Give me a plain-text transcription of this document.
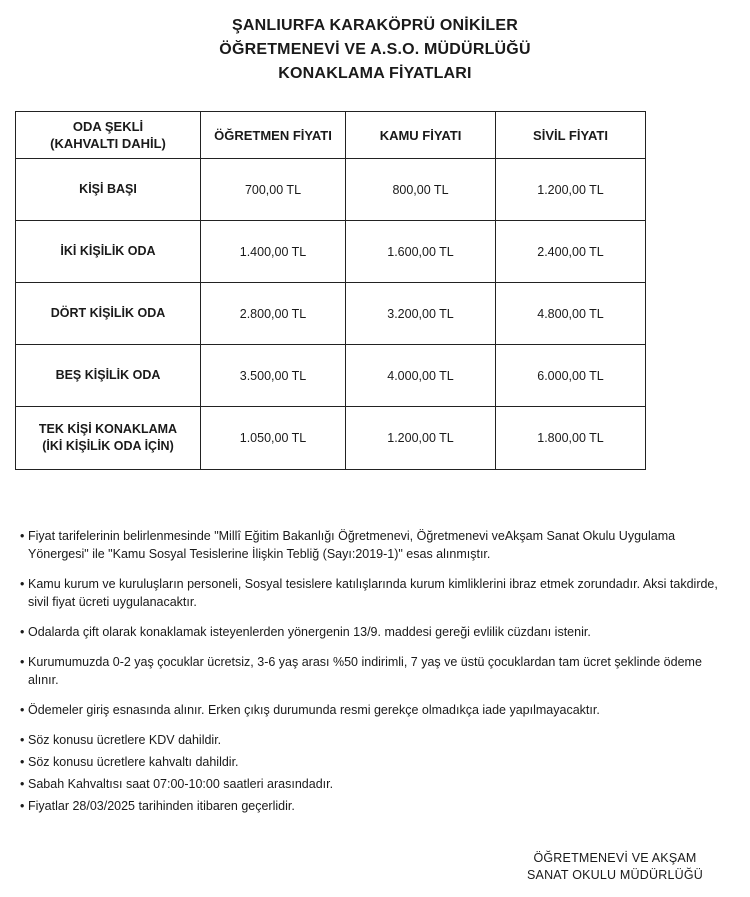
ŞANLIURFA KARAKÖPRÜ ONİKİLER
ÖĞRETMENEVİ VE A.S.O. MÜDÜRLÜĞÜ
KONAKLAMA FİYATLARI
ODA ŞEKLİ
(KAHVALTI DAHİL)	ÖĞRETMEN FİYATI	KAMU FİYATI	SİVİL FİYATI

KİŞİ BAŞI	700,00 TL	800,00 TL	1.200,00 TL

İKİ KİŞİLİK ODA	1.400,00 TL	1.600,00 TL	2.400,00 TL

DÖRT KİŞİLİK ODA	2.800,00 TL	3.200,00 TL	4.800,00 TL

BEŞ KİŞİLİK ODA	3.500,00 TL	4.000,00 TL	6.000,00 TL

TEK KİŞİ KONAKLAMA
(İKİ KİŞİLİK ODA İÇİN)	1.050,00 TL	1.200,00 TL	1.800,00 TL
• Fiyat tarifelerinin belirlenmesinde "Millî Eğitim Bakanlığı Öğretmenevi, Öğretmenevi veAkşam Sanat Okulu Uygulama Yönergesi" ile "Kamu Sosyal Tesislerine İlişkin Tebliğ (Sayı:2019-1)" esas alınmıştır.
• Kamu kurum ve kuruluşların personeli, Sosyal tesislere katılışlarında kurum kimliklerini ibraz etmek zorundadır. Aksi takdirde, sivil fiyat ücreti uygulanacaktır.
• Odalarda çift olarak konaklamak isteyenlerden yönergenin 13/9. maddesi gereği evlilik cüzdanı istenir.
• Kurumumuzda 0-2 yaş çocuklar ücretsiz, 3-6 yaş arası %50 indirimli, 7 yaş ve üstü çocuklardan tam ücret şeklinde ödeme alınır.
• Ödemeler giriş esnasında alınır. Erken çıkış durumunda resmi gerekçe olmadıkça iade yapılmayacaktır.
• Söz konusu ücretlere KDV dahildir.
• Söz konusu ücretlere kahvaltı dahildir.
• Sabah Kahvaltısı saat 07:00-10:00 saatleri arasındadır.
• Fiyatlar 28/03/2025 tarihinden itibaren geçerlidir.
ÖĞRETMENEVİ VE AKŞAM
SANAT OKULU MÜDÜRLÜĞÜ
